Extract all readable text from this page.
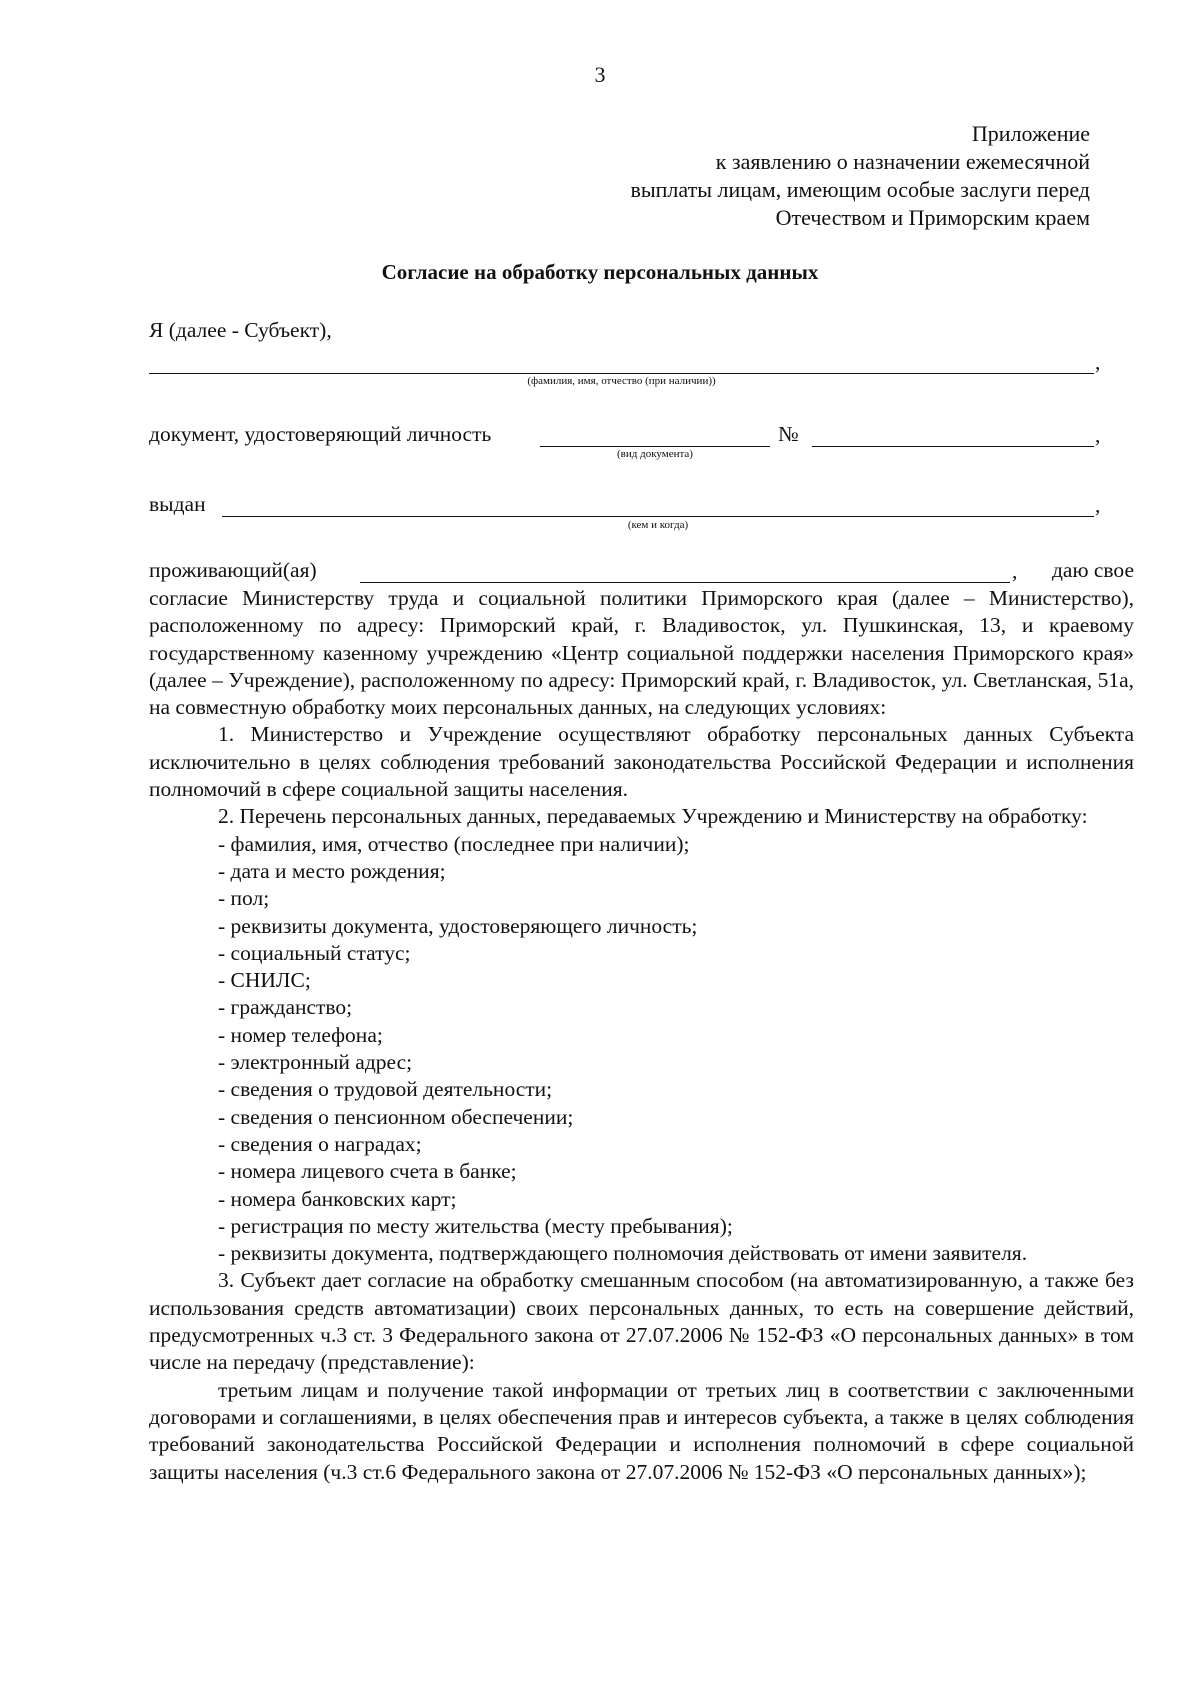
3
Приложение
к заявлению о назначении ежемесячной
выплаты лицам, имеющим особые заслуги перед
Отечеством и Приморским краем
Согласие на обработку персональных данных
Я (далее - Субъект),
,
(фамилия, имя, отчество (при наличии))
документ, удостоверяющий личность
(вид документа)
№	,
выдан	,
(кем и когда)
проживающий(ая)	,	даю свое

согласие Министерству труда и социальной политики Приморского края (далее – Министерство), расположенному по адресу: Приморский край, г. Владивосток, ул. Пушкинская, 13, и краевому государственному казенному учреждению «Центр социальной поддержки населения Приморского края» (далее – Учреждение), расположенному по адресу: Приморский край, г. Владивосток, ул. Светланская, 51а, на совместную обработку моих персональных данных, на следующих условиях:

1. Министерство и Учреждение осуществляют обработку персональных данных Субъекта исключительно в целях соблюдения требований законодательства Российской Федерации и исполнения полномочий в сфере социальной защиты населения.

2. Перечень персональных данных, передаваемых Учреждению и Министерству на обработку:

- фамилия, имя, отчество (последнее при наличии);

- дата и место рождения;

- пол;

- реквизиты документа, удостоверяющего личность;

- социальный статус;

- СНИЛС;

- гражданство;

- номер телефона;

- электронный адрес;

- сведения о трудовой деятельности;

- сведения о пенсионном обеспечении;

- сведения о наградах;

- номера лицевого счета в банке;

- номера банковских карт;

- регистрация по месту жительства (месту пребывания);

- реквизиты документа, подтверждающего полномочия действовать от имени заявителя.

3. Субъект дает согласие на обработку смешанным способом (на автоматизированную, а также без использования средств автоматизации) своих персональных данных, то есть на совершение действий, предусмотренных ч.3 ст. 3 Федерального закона от 27.07.2006 № 152-ФЗ «О персональных данных» в том числе на передачу (представление):

третьим лицам и получение такой информации от третьих лиц в соответствии с заключенными договорами и соглашениями, в целях обеспечения прав и интересов субъекта, а также в целях соблюдения требований законодательства Российской Федерации и исполнения полномочий в сфере социальной защиты населения (ч.3 ст.6 Федерального закона от 27.07.2006 № 152-ФЗ «О персональных данных»);
